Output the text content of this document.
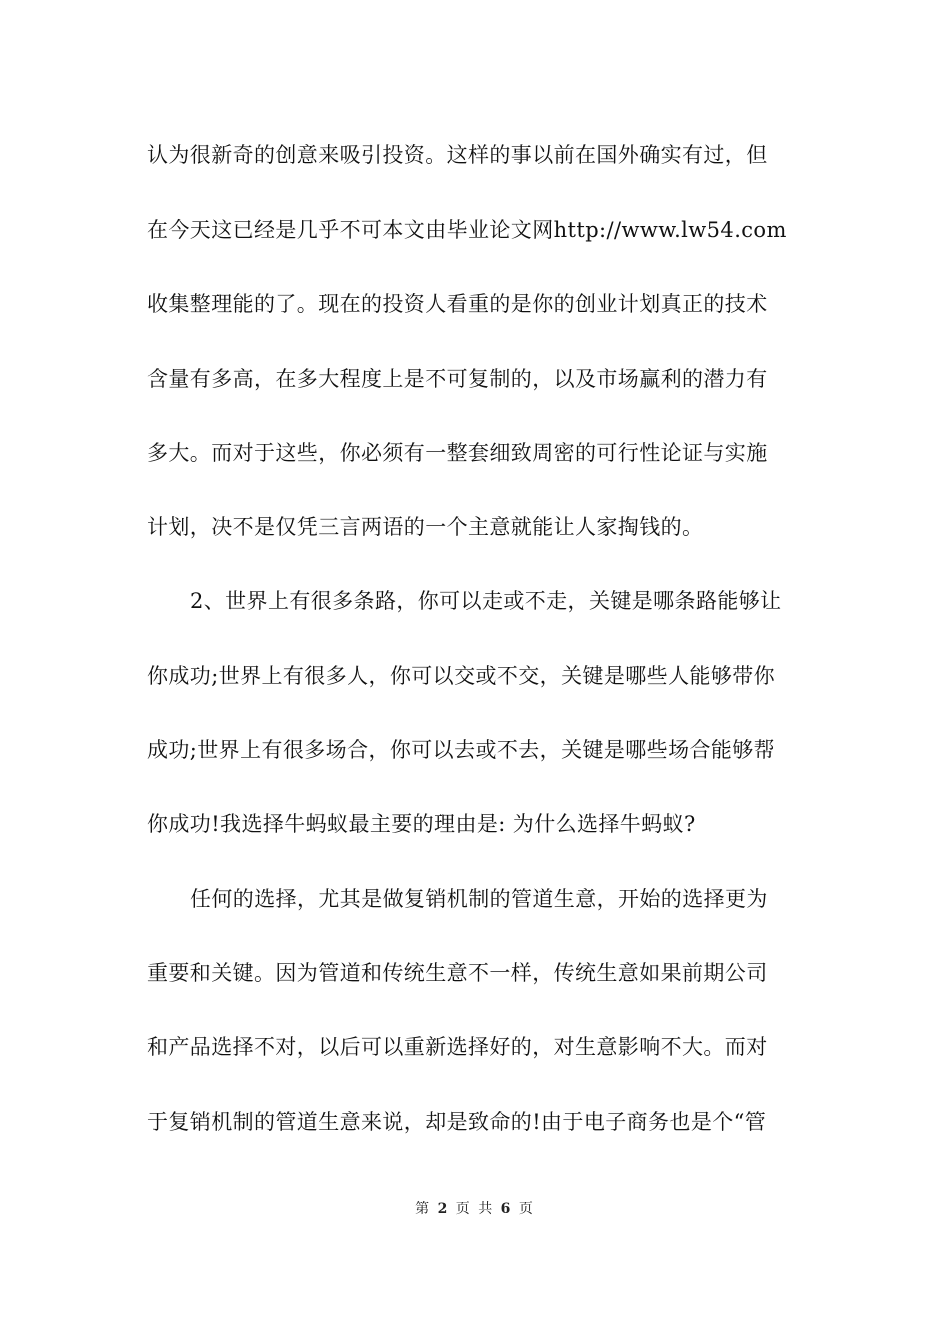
认为很新奇的创意来吸引投资。这样的事以前在国外确实有过，但
在今天这已经是几乎不可本文由毕业论文网http://www.lw54.com
收集整理能的了。现在的投资人看重的是你的创业计划真正的技术
含量有多高，在多大程度上是不可复制的，以及市场赢利的潜力有
多大。而对于这些，你必须有一整套细致周密的可行性论证与实施
计划，决不是仅凭三言两语的一个主意就能让人家掏钱的。
2、世界上有很多条路，你可以走或不走，关键是哪条路能够让
你成功;世界上有很多人，你可以交或不交，关键是哪些人能够带你
成功;世界上有很多场合，你可以去或不去，关键是哪些场合能够帮
你成功!我选择牛蚂蚁最主要的理由是: 为什么选择牛蚂蚁?
任何的选择，尤其是做复销机制的管道生意，开始的选择更为
重要和关键。因为管道和传统生意不一样，传统生意如果前期公司
和产品选择不对，以后可以重新选择好的，对生意影响不大。而对
于复销机制的管道生意来说，却是致命的!由于电子商务也是个“管
第 2 页 共 6 页
